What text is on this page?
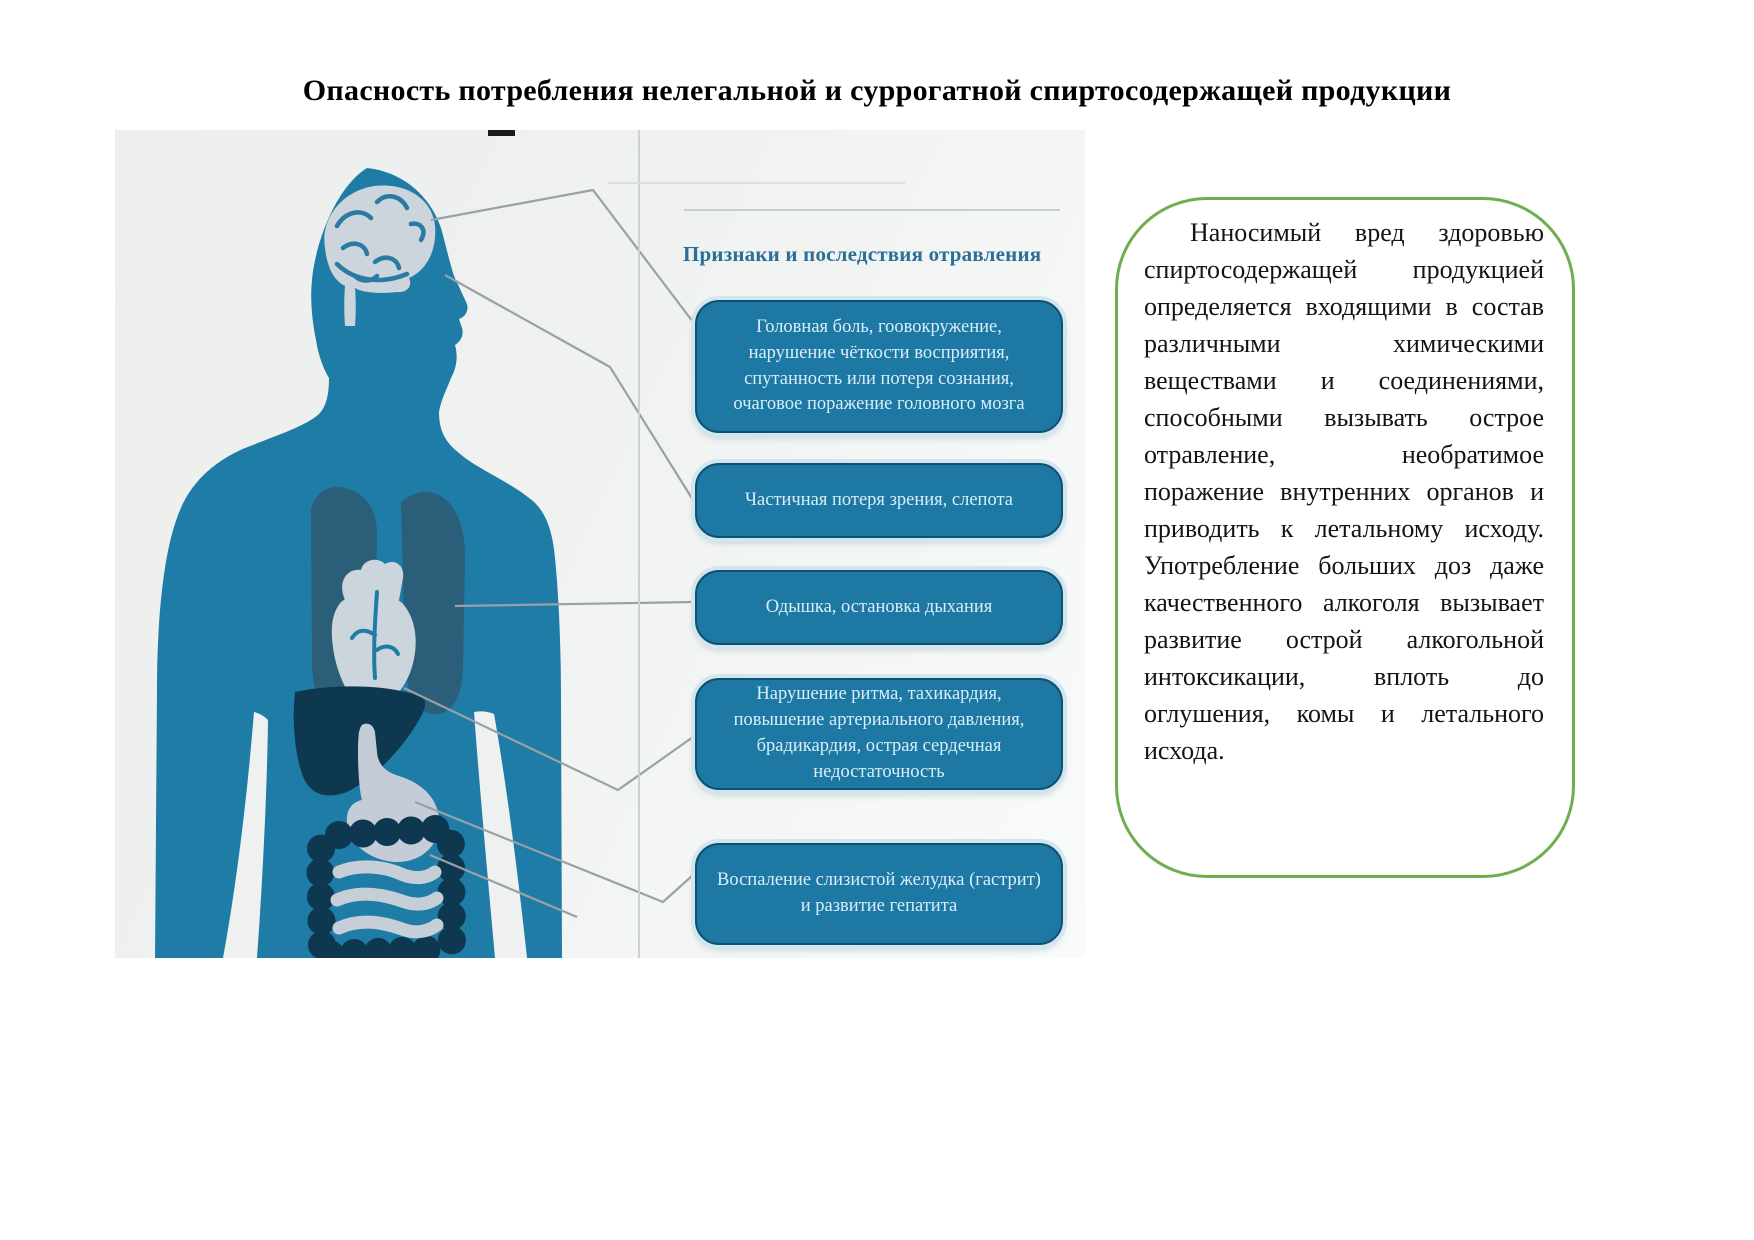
Опасность потребления нелегальной и суррогатной спиртосодержащей продукции
Признаки и последствия отравления
Головная боль, гоовокружение, нарушение чёткости восприятия, спутанность или потеря сознания, очаговое поражение головного мозга
Частичная потеря зрения, слепота
Одышка, остановка дыхания
Нарушение ритма, тахикардия, повышение артериального давления, брадикардия, острая сердечная недостаточность
Воспаление слизистой желудка (гастрит) и развитие гепатита

Наносимый вред здоровью спиртосодержащей продукцией определяется входящими в состав различными химическими веществами и соединениями, способными вызывать острое отравление, необратимое поражение внутренних органов и приводить к летальному исходу. Употребление больших доз даже качественного алкоголя вызывает развитие острой алкогольной интоксикации, вплоть до оглушения, комы и летального исхода.
